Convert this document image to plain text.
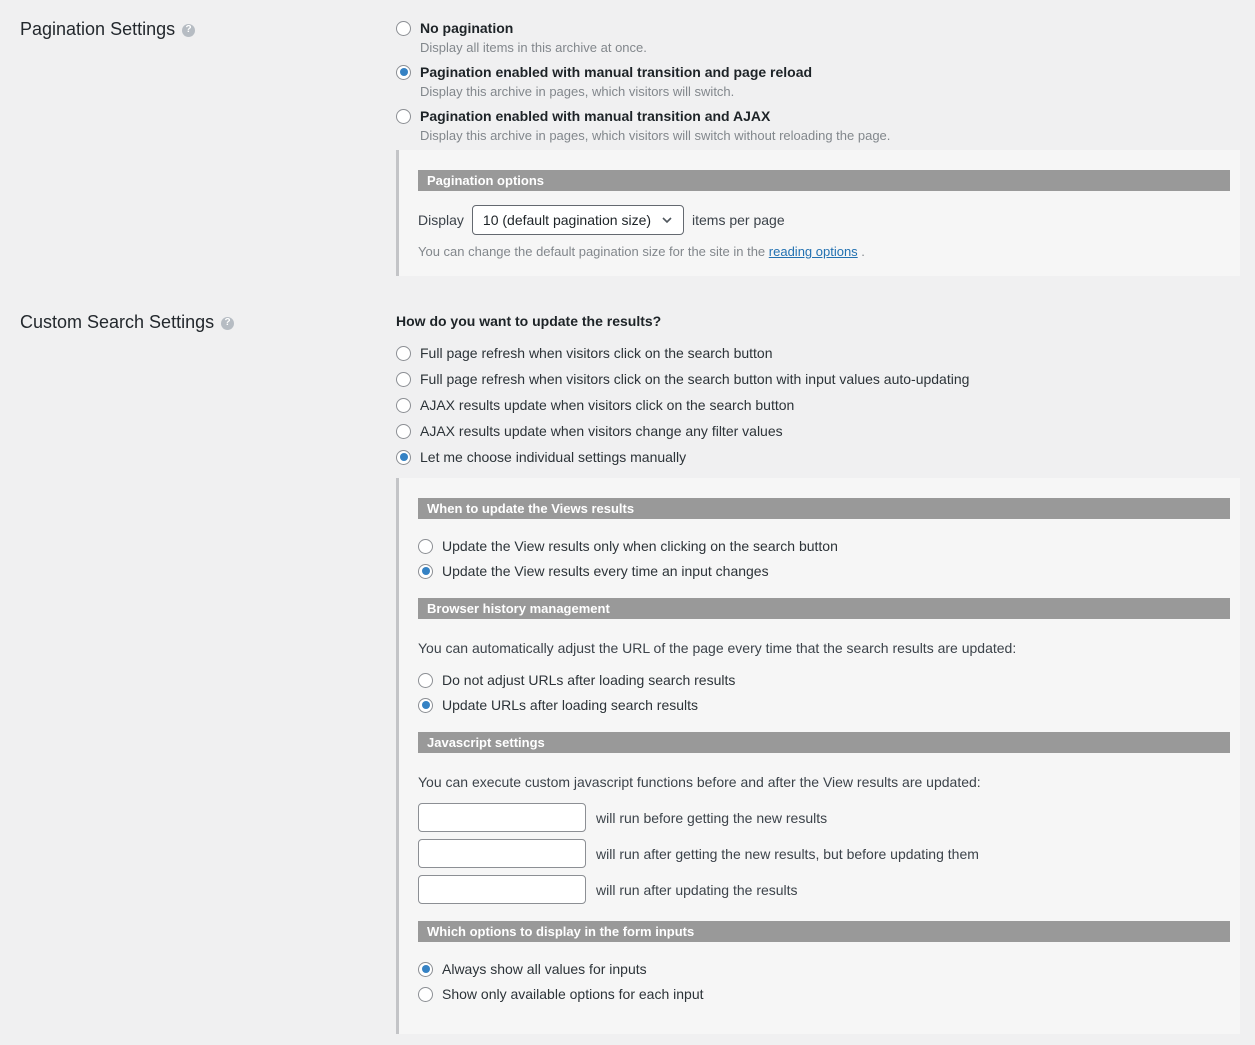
Pagination Settings	?	No pagination
Display all items in this archive at once.
Pagination enabled with manual transition and page reload
Display this archive in pages, which visitors will switch.
Pagination enabled with manual transition and AJAX
Display this archive in pages, which visitors will switch without reloading the page.
Pagination options
Display 10 (default pagination size)	items per page
You can change the default pagination size for the site in the reading options .
Custom Search Settings	?	How do you want to update the results?
Full page refresh when visitors click on the search button
Full page refresh when visitors click on the search button with input values auto-updating
AJAX results update when visitors click on the search button
AJAX results update when visitors change any filter values
Let me choose individual settings manually
When to update the Views results
Update the View results only when clicking on the search button
Update the View results every time an input changes
Browser history management
You can automatically adjust the URL of the page every time that the search results are updated:
Do not adjust URLs after loading search results
Update URLs after loading search results
Javascript settings
You can execute custom javascript functions before and after the View results are updated:
will run before getting the new results
will run after getting the new results, but before updating them
will run after updating the results
Which options to display in the form inputs
Always show all values for inputs
Show only available options for each input
